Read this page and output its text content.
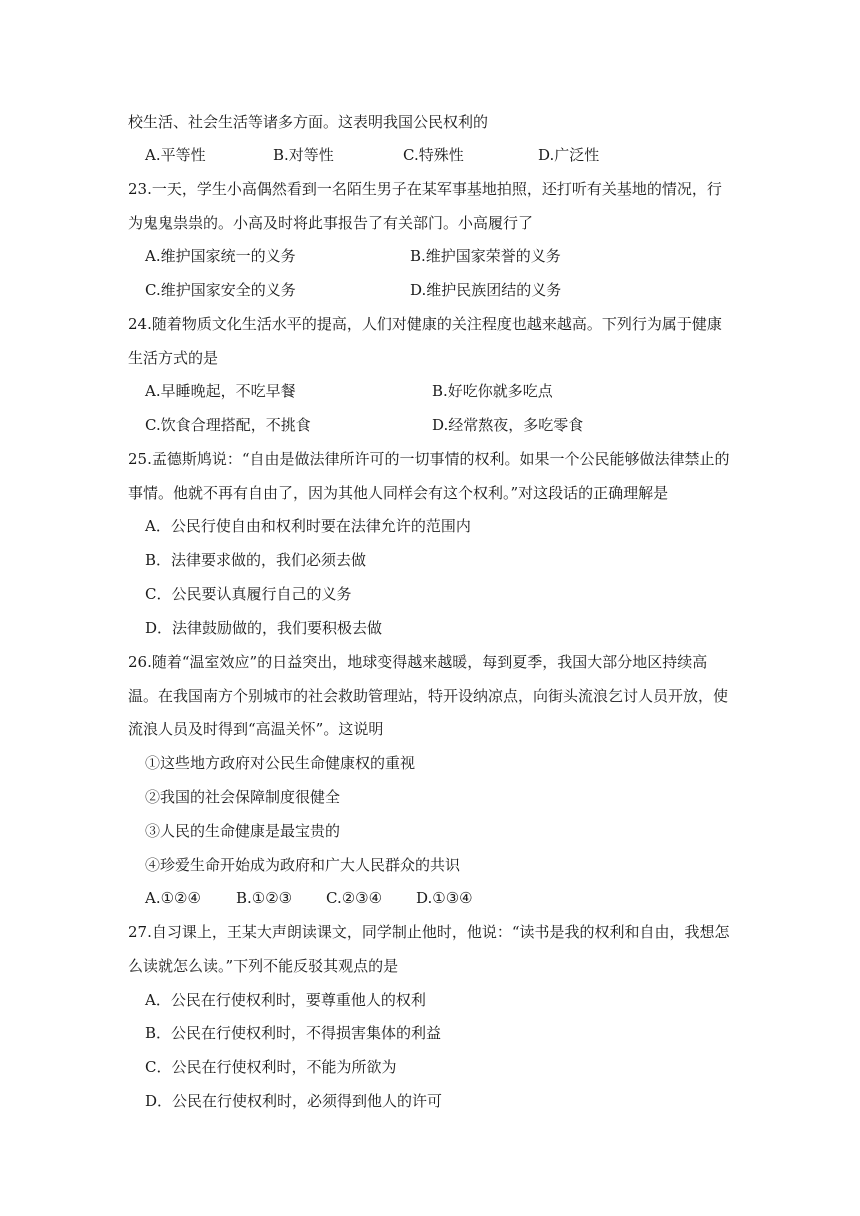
校生活、社会生活等诸多方面。这表明我国公民权利的
A.平等性	B.对等性	C.特殊性	D.广泛性
23.一天，学生小高偶然看到一名陌生男子在某军事基地拍照，还打听有关基地的情况，行
为鬼鬼祟祟的。小高及时将此事报告了有关部门。小高履行了
A.维护国家统一的义务	B.维护国家荣誉的义务
C.维护国家安全的义务	D.维护民族团结的义务
24.随着物质文化生活水平的提高，人们对健康的关注程度也越来越高。下列行为属于健康
生活方式的是
A.早睡晚起，不吃早餐	B.好吃你就多吃点
C.饮食合理搭配，不挑食	D.经常熬夜，多吃零食
25.孟德斯鸠说：“自由是做法律所许可的一切事情的权利。如果一个公民能够做法律禁止的
事情。他就不再有自由了，因为其他人同样会有这个权利。”对这段话的正确理解是
A．公民行使自由和权利时要在法律允许的范围内
B．法律要求做的，我们必须去做
C．公民要认真履行自己的义务
D．法律鼓励做的，我们要积极去做
26.随着“温室效应”的日益突出，地球变得越来越暖，每到夏季，我国大部分地区持续高
温。在我国南方个别城市的社会救助管理站，特开设纳凉点，向街头流浪乞讨人员开放，使
流浪人员及时得到“高温关怀”。这说明
①这些地方政府对公民生命健康权的重视
②我国的社会保障制度很健全
③人民的生命健康是最宝贵的
④珍爱生命开始成为政府和广大人民群众的共识
A.①②④ B.①②③ C.②③④ D.①③④
27.自习课上，王某大声朗读课文，同学制止他时，他说：“读书是我的权利和自由，我想怎
么读就怎么读。”下列不能反驳其观点的是
A．公民在行使权利时，要尊重他人的权利
B．公民在行使权利时，不得损害集体的利益
C．公民在行使权利时，不能为所欲为
D．公民在行使权利时，必须得到他人的许可
